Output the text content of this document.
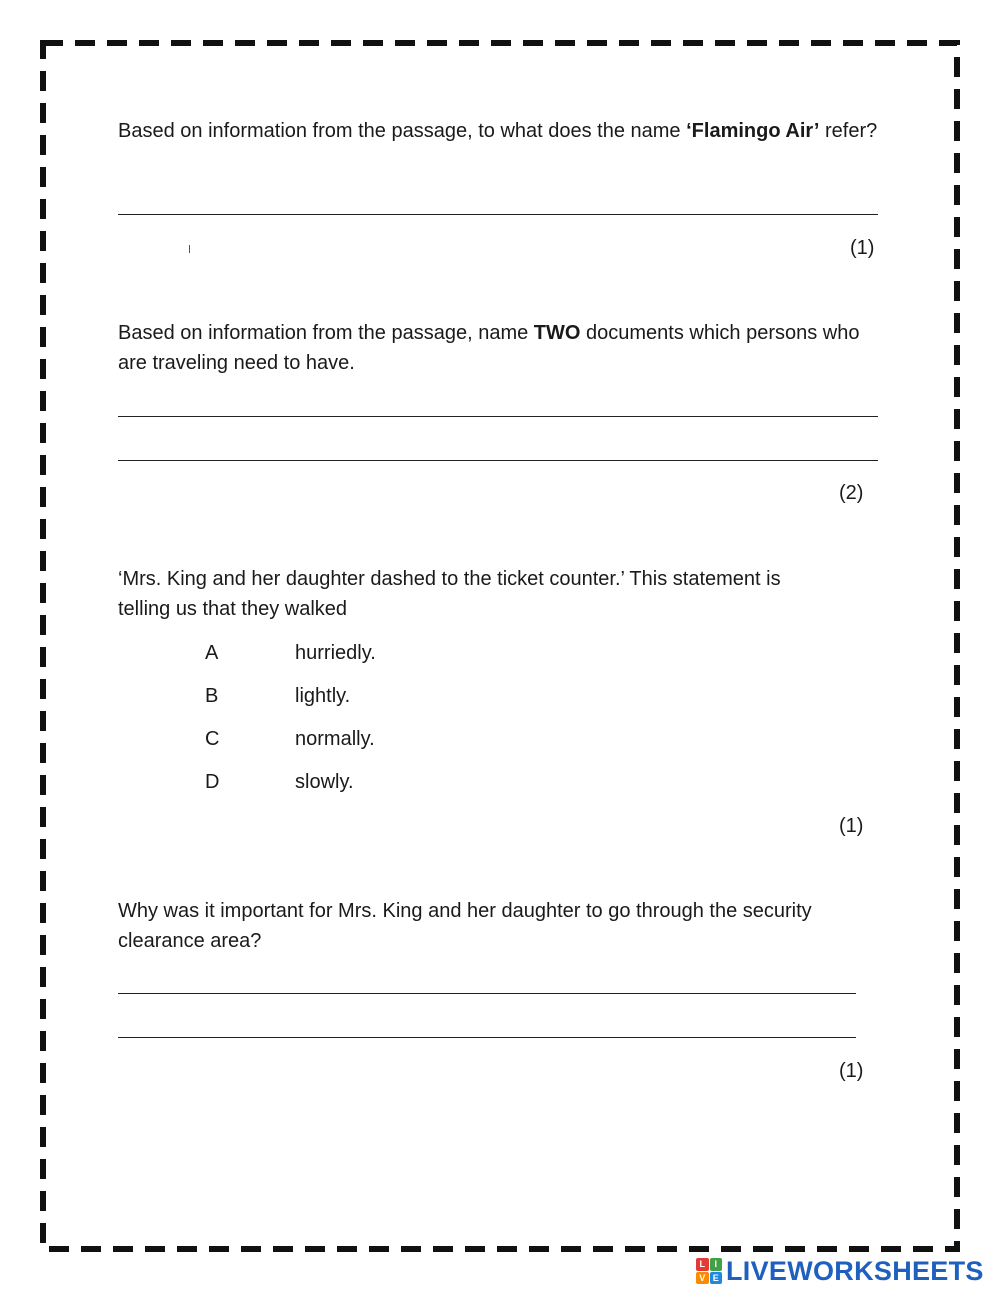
Based on information from the passage, to what does the name ‘Flamingo Air’ refer?

(1)

Based on information from the passage, name TWO documents which persons who are traveling need to have.

(2)

‘Mrs. King and her daughter dashed to the ticket counter.’ This statement is telling us that they walked

A	hurriedly.
B	lightly.
C	normally.
D	slowly.
(1)

Why was it important for Mrs. King and her daughter to go through the security clearance area?

(1)
L	I
V E LIVEWORKSHEETS
